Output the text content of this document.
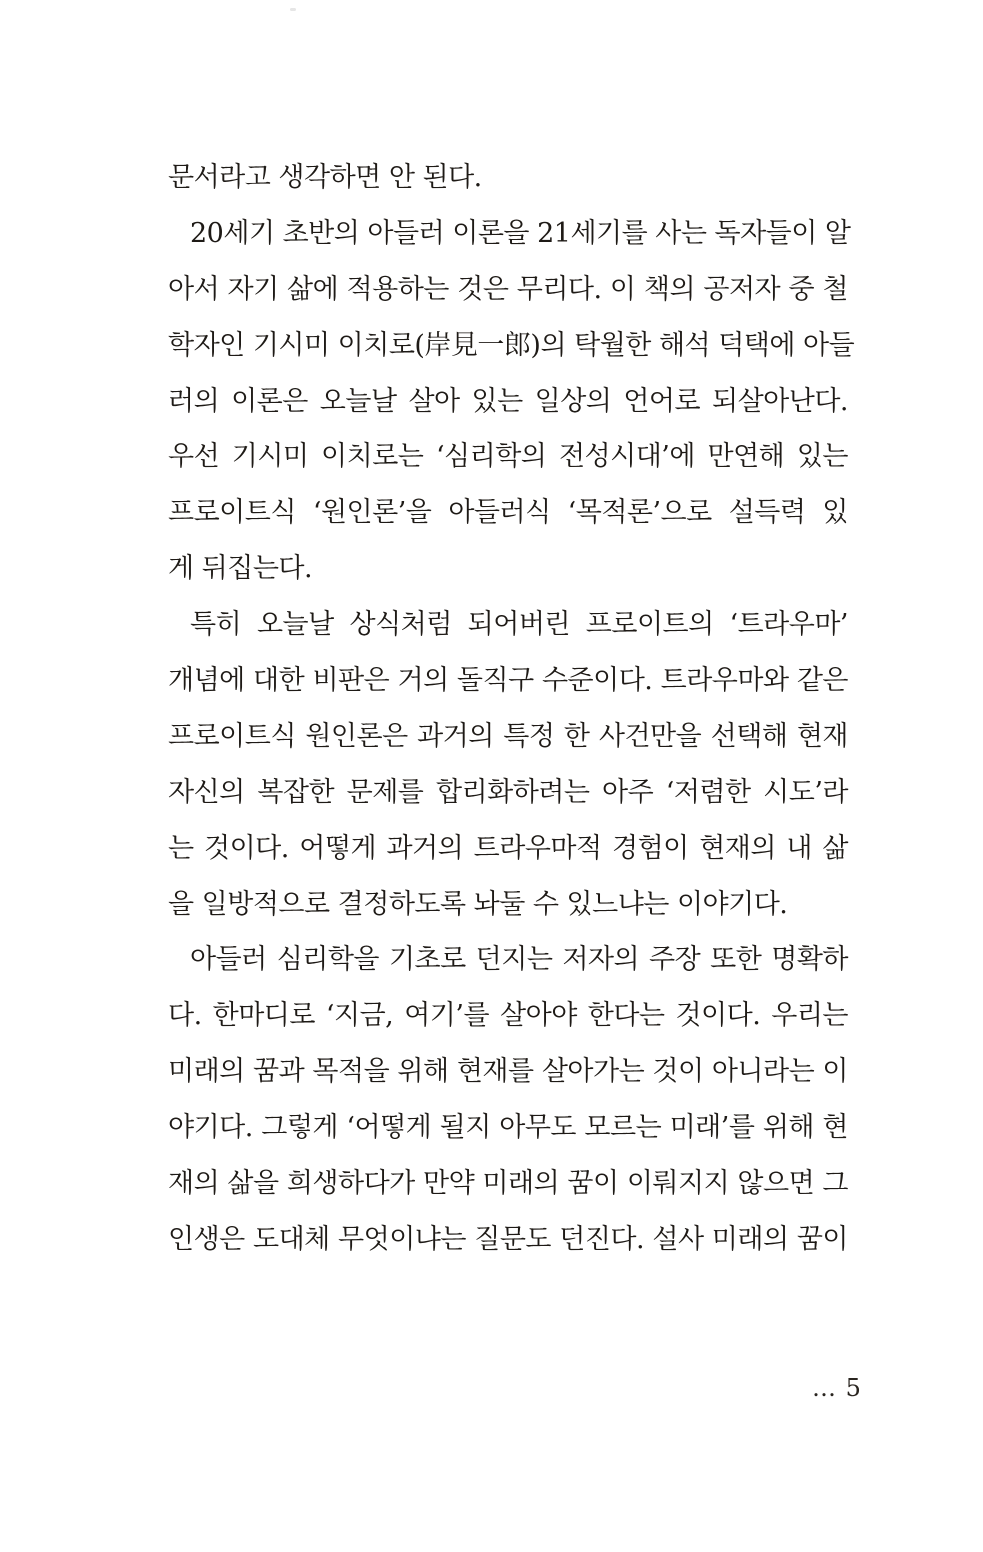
문서라고 생각하면 안 된다.
20세기 초반의 아들러 이론을 21세기를 사는 독자들이 알
아서 자기 삶에 적용하는 것은 무리다. 이 책의 공저자 중 철
학자인 기시미 이치로(岸見一郎)의 탁월한 해석 덕택에 아들
러의 이론은 오늘날 살아 있는 일상의 언어로 되살아난다.
우선 기시미 이치로는 ‘심리학의 전성시대’에 만연해 있는
프로이트식 ‘원인론’을 아들러식 ‘목적론’으로 설득력 있
게 뒤집는다.
특히 오늘날 상식처럼 되어버린 프로이트의 ‘트라우마’
개념에 대한 비판은 거의 돌직구 수준이다. 트라우마와 같은
프로이트식 원인론은 과거의 특정 한 사건만을 선택해 현재
자신의 복잡한 문제를 합리화하려는 아주 ‘저렴한 시도’라
는 것이다. 어떻게 과거의 트라우마적 경험이 현재의 내 삶
을 일방적으로 결정하도록 놔둘 수 있느냐는 이야기다.
아들러 심리학을 기초로 던지는 저자의 주장 또한 명확하
다. 한마디로 ‘지금, 여기’를 살아야 한다는 것이다. 우리는
미래의 꿈과 목적을 위해 현재를 살아가는 것이 아니라는 이
야기다. 그렇게 ‘어떻게 될지 아무도 모르는 미래’를 위해 현
재의 삶을 희생하다가 만약 미래의 꿈이 이뤄지지 않으면 그
인생은 도대체 무엇이냐는 질문도 던진다. 설사 미래의 꿈이
… 5
